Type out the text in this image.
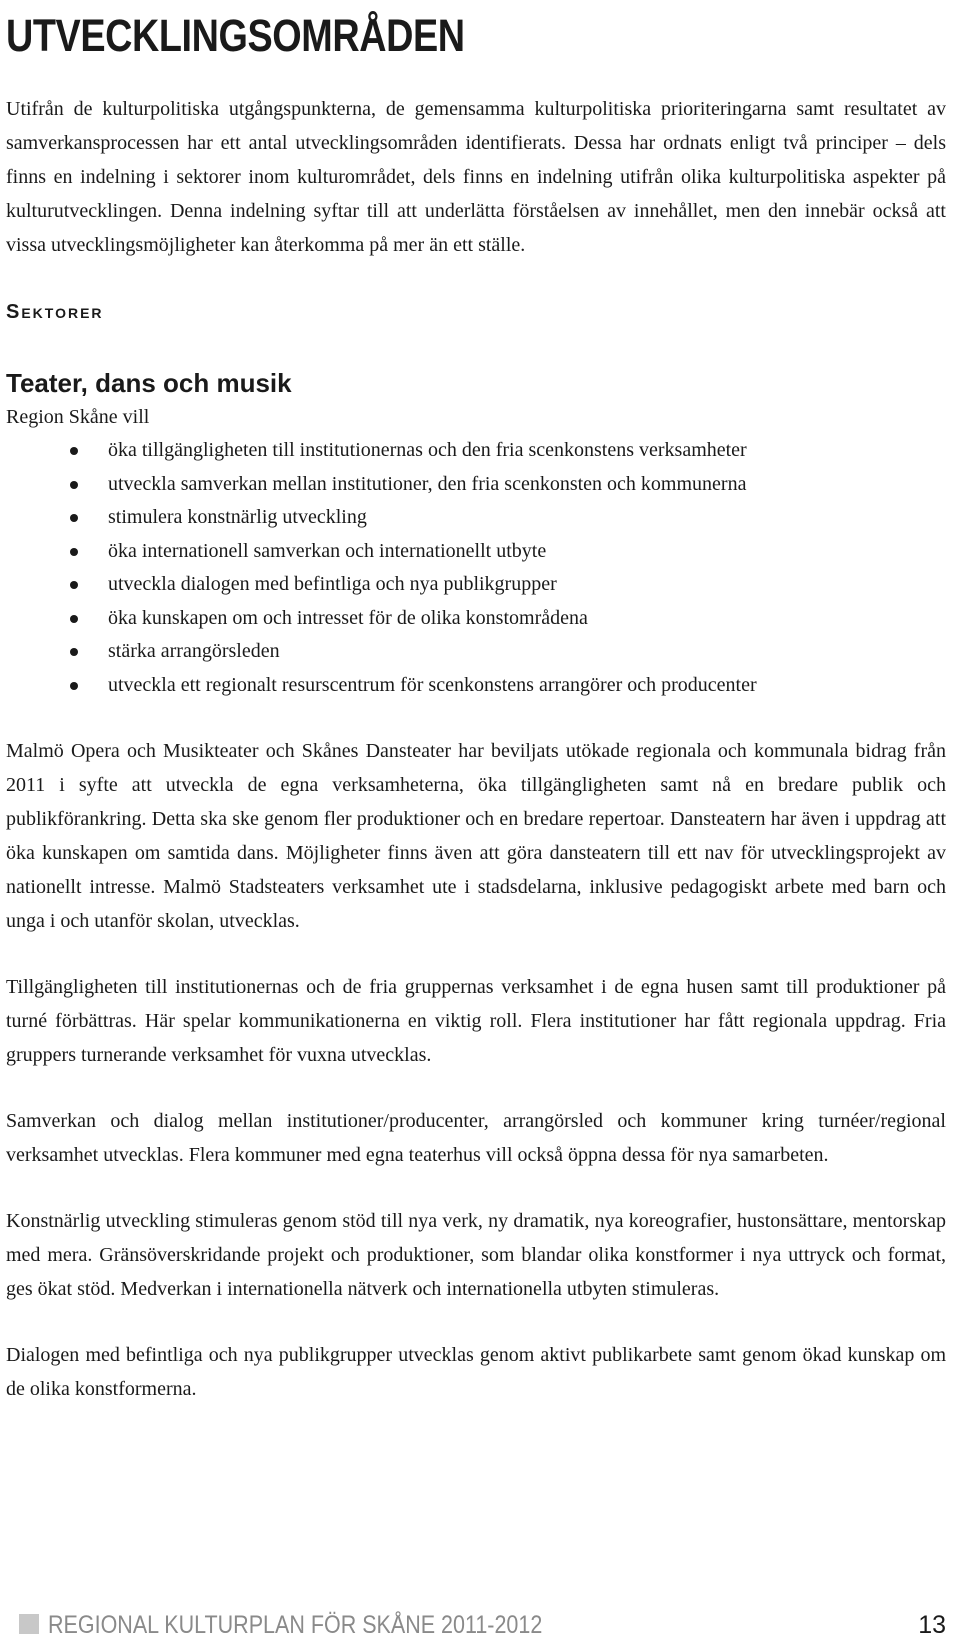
UTVECKLINGSOMRÅDEN

Utifrån de kulturpolitiska utgångspunkterna, de gemensamma kulturpolitiska prioriteringarna samt resultatet av samverkansprocessen har ett antal utvecklingsområden identifierats. Dessa har ordnats enligt två principer – dels finns en indelning i sektorer inom kulturområdet, dels finns en indelning utifrån olika kulturpolitiska aspekter på kulturutvecklingen. Denna indelning syftar till att underlätta förståelsen av innehållet, men den innebär också att vissa utvecklingsmöjligheter kan återkomma på mer än ett ställe.

Sektorer
Teater, dans och musik

Region Skåne vill

öka tillgängligheten till institutionernas och den fria scenkonstens verksamheter
utveckla samverkan mellan institutioner, den fria scenkonsten och kommunerna
stimulera konstnärlig utveckling
öka internationell samverkan och internationellt utbyte
utveckla dialogen med befintliga och nya publikgrupper
öka kunskapen om och intresset för de olika konstområdena
stärka arrangörsleden
utveckla ett regionalt resurscentrum för scenkonstens arrangörer och producenter

Malmö Opera och Musikteater och Skånes Dansteater har beviljats utökade regionala och kommunala bidrag från 2011 i syfte att utveckla de egna verksamheterna, öka tillgängligheten samt nå en bredare publik och publikförankring. Detta ska ske genom fler produktioner och en bredare repertoar. Dansteatern har även i uppdrag att öka kunskapen om samtida dans. Möjligheter finns även att göra dansteatern till ett nav för utvecklingsprojekt av nationellt intresse. Malmö Stadsteaters verksamhet ute i stadsdelarna, inklusive pedagogiskt arbete med barn och unga i och utanför skolan, utvecklas.

Tillgängligheten till institutionernas och de fria gruppernas verksamhet i de egna husen samt till produktioner på turné förbättras. Här spelar kommunikationerna en viktig roll. Flera institutioner har fått regionala uppdrag. Fria gruppers turnerande verksamhet för vuxna utvecklas.

Samverkan och dialog mellan institutioner/producenter, arrangörsled och kommuner kring turnéer/regional verksamhet utvecklas. Flera kommuner med egna teaterhus vill också öppna dessa för nya samarbeten.

Konstnärlig utveckling stimuleras genom stöd till nya verk, ny dramatik, nya koreografier, hustonsättare, mentorskap med mera. Gränsöverskridande projekt och produktioner, som blandar olika konstformer i nya uttryck och format, ges ökat stöd. Medverkan i internationella nätverk och internationella utbyten stimuleras.

Dialogen med befintliga och nya publikgrupper utvecklas genom aktivt publikarbete samt genom ökad kunskap om de olika konstformerna.

REGIONAL KULTURPLAN FÖR SKÅNE 2011-2012	13
